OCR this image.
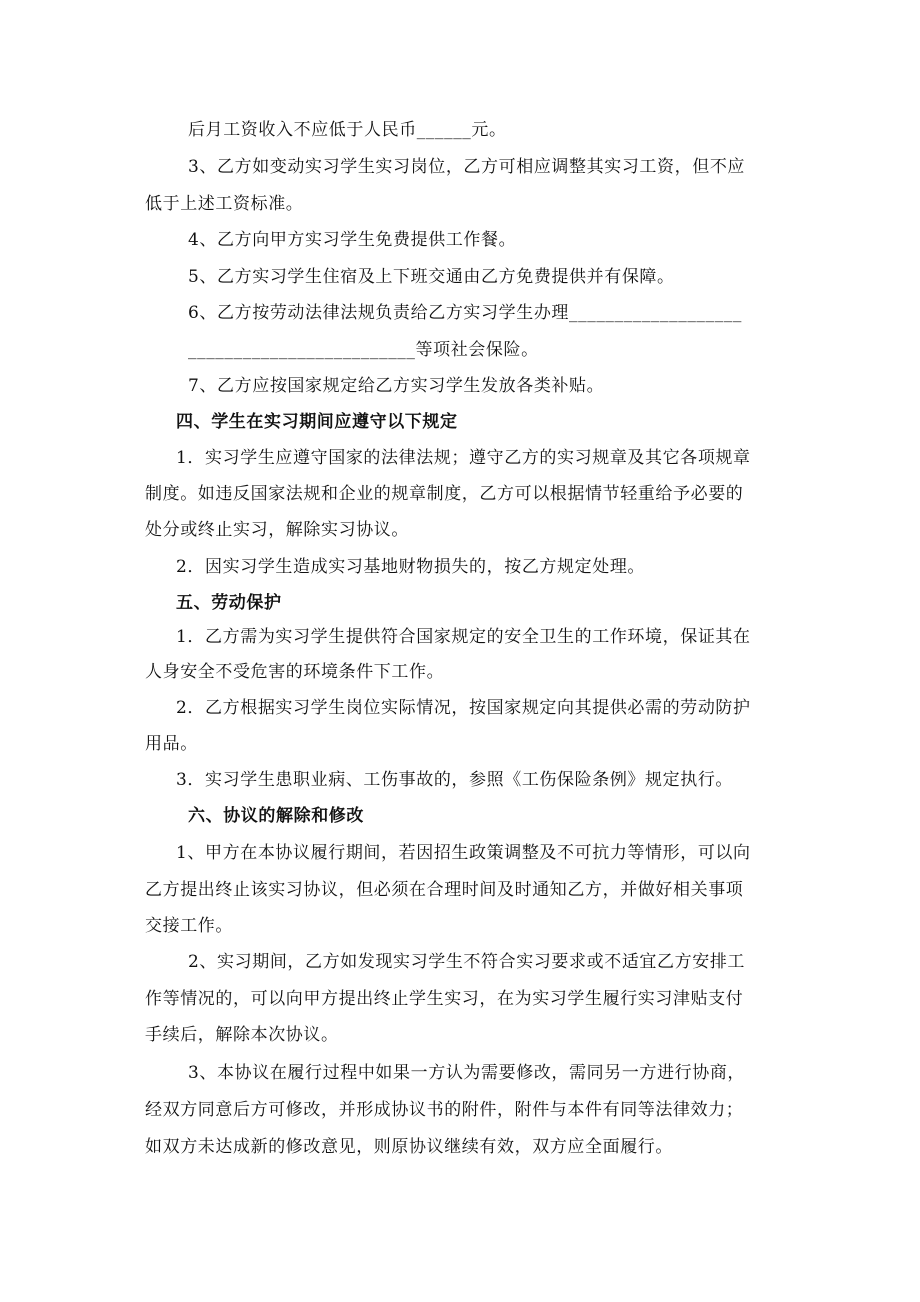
后月工资收入不应低于人民币______元。
3、乙方如变动实习学生实习岗位，乙方可相应调整其实习工资，但不应
低于上述工资标准。
4、乙方向甲方实习学生免费提供工作餐。
5、乙方实习学生住宿及上下班交通由乙方免费提供并有保障。
6、乙方按劳动法律法规负责给乙方实习学生办理___________________
_________________________等项社会保险。
7、乙方应按国家规定给乙方实习学生发放各类补贴。
四、学生在实习期间应遵守以下规定
1．实习学生应遵守国家的法律法规；遵守乙方的实习规章及其它各项规章
制度。如违反国家法规和企业的规章制度，乙方可以根据情节轻重给予必要的
处分或终止实习，解除实习协议。
2．因实习学生造成实习基地财物损失的，按乙方规定处理。
五、劳动保护
1．乙方需为实习学生提供符合国家规定的安全卫生的工作环境，保证其在
人身安全不受危害的环境条件下工作。
2．乙方根据实习学生岗位实际情况，按国家规定向其提供必需的劳动防护
用品。
3．实习学生患职业病、工伤事故的，参照《工伤保险条例》规定执行。
六、协议的解除和修改
1、甲方在本协议履行期间，若因招生政策调整及不可抗力等情形，可以向
乙方提出终止该实习协议，但必须在合理时间及时通知乙方，并做好相关事项
交接工作。
2、实习期间，乙方如发现实习学生不符合实习要求或不适宜乙方安排工
作等情况的，可以向甲方提出终止学生实习，在为实习学生履行实习津贴支付
手续后，解除本次协议。
3、本协议在履行过程中如果一方认为需要修改，需同另一方进行协商，
经双方同意后方可修改，并形成协议书的附件，附件与本件有同等法律效力；
如双方未达成新的修改意见，则原协议继续有效，双方应全面履行。
